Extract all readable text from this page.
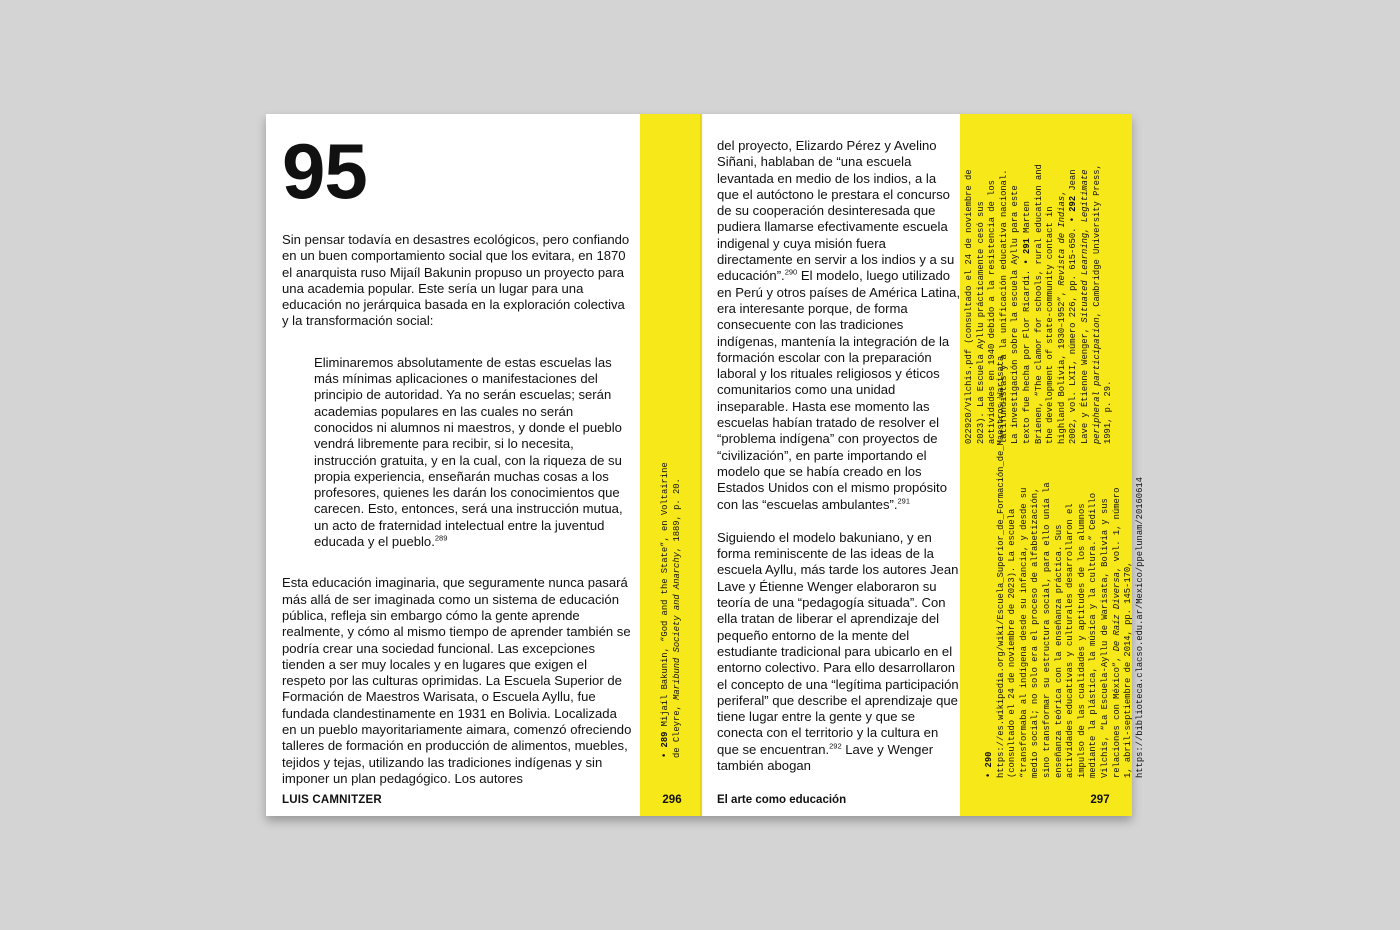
95

Sin pensar todavía en desastres ecológicos, pero confiando en un buen comportamiento social que los evitara, en 1870 el anarquista ruso Mijaíl Bakunin propuso un proyecto para una academia popular. Este sería un lugar para una educación no jerárquica basada en la exploración colectiva y la transformación social:

Eliminaremos absolutamente de estas escuelas las más mínimas aplicaciones o manifestaciones del principio de autoridad. Ya no serán escuelas; serán academias populares en las cuales no serán conocidos ni alumnos ni maestros, y donde el pueblo vendrá libremente para recibir, si lo necesita, instrucción gratuita, y en la cual, con la riqueza de su propia experiencia, enseñarán muchas cosas a los profesores, quienes les darán los conocimientos que carecen. Esto, entonces, será una instrucción mutua, un acto de fraternidad intelectual entre la juventud educada y el pueblo.$^{289}$

Esta educación imaginaria, que seguramente nunca pasará más allá de ser imaginada como un sistema de educación pública, refleja sin embargo cómo la gente aprende realmente, y cómo al mismo tiempo de aprender también se podría crear una sociedad funcional. Las excepciones tienden a ser muy locales y en lugares que exigen el respeto por las culturas oprimidas. La Escuela Superior de Formación de Maestros Warisata, o Escuela Ayllu, fue fundada clandestinamente en 1931 en Bolivia. Localizada en un pueblo mayoritariamente aimara, comenzó ofreciendo talleres de formación en producción de alimentos, muebles, tejidos y tejas, utilizando las tradiciones indígenas y sin imponer un plan pedagógico. Los autores

• 289 Mijaíl Bakunin, “God and the State”, en Voltairine de Cleyre, Maribund Society and Anarchy, 1889, p. 20.
LUIS CAMNITZER	296

del proyecto, Elizardo Pérez y Avelino Siñani, hablaban de “una escuela levantada en medio de los indios, a la que el autóctono le prestara el concurso de su cooperación desinteresada que pudiera llamarse efectivamente escuela indigenal y cuya misión fuera directamente en servir a los indios y a su educación”.$^{290}$ El modelo, luego utilizado en Perú y otros países de América Latina, era interesante porque, de forma consecuente con las tradiciones indígenas, mantenía la integración de la formación escolar con la preparación laboral y los rituales religiosos y éticos comunitarios como una unidad inseparable. Hasta ese momento las escuelas habían tratado de resolver el “problema indígena” con proyectos de “civilización”, en parte importando el modelo que se había creado en los Estados Unidos con el mismo propósito con las “escuelas ambulantes”.$^{291}$

Siguiendo el modelo bakuniano, y en forma reminiscente de las ideas de la escuela Ayllu, más tarde los autores Jean Lave y Étienne Wenger elaboraron su teoría de una “pedagogía situada”. Con ella tratan de liberar el aprendizaje del pequeño entorno de la mente del estudiante tradicional para ubicarlo en el entorno colectivo. Para ello desarrollaron el concepto de una “legítima participación periferal” que describe el aprendizaje que tiene lugar entre la gente y que se conecta con el territorio y la cultura en que se encuentran.$^{292}$ Lave y Wenger también abogan	• 290 https://es.wikipedia.org/wiki/Escuela_Superior_de_Formación_de_Maestros_Warisata (consultado el 24 de noviembre de 2023). La escuela “transformaba al indígena desde su infancia, y desde su medio social; no solo era el proceso de alfabetización, sino transformar su estructura social, para ello unía la enseñanza teórica con la enseñanza práctica. Sus actividades educativas y culturales desarrollaron el impulso de las cualidades y aptitudes de los alumnos mediante la plástica, la música y la cultura.” Cedillo Vilchis, “La Escuela-Ayllu de Warisata, Bolivia y sus relaciones con México”, De Raíz Diversa, vol. 1, número 1, abril-septiembre de 2014, pp. 145-170, https://biblioteca.clacso.edu.ar/Mexico/ppelunam/20160614
022920/Vilchis.pdf (consultado el 24 de noviembre de 2023). La Escuela Ayllu prácticamente cesó sus actividades en 1940 debido a la resistencia de los latifundistas y a la unificación educativa nacional. La investigación sobre la escuela Ayllu para este texto fue hecha por Flor Ricardi. • 291 Marten Brienen, “The clamor for schools, rural education and the development of state-community contact in highland Bolivia, 1930–1952”, Revista de Indias, 2002, vol. LXII, número 226, pp. 615-650. • 292 Jean Lave y Étienne Wenger, Situated Learning, Legitimate peripheral participation, Cambridge University Press, 1991, p. 29.
El arte como educación	297
